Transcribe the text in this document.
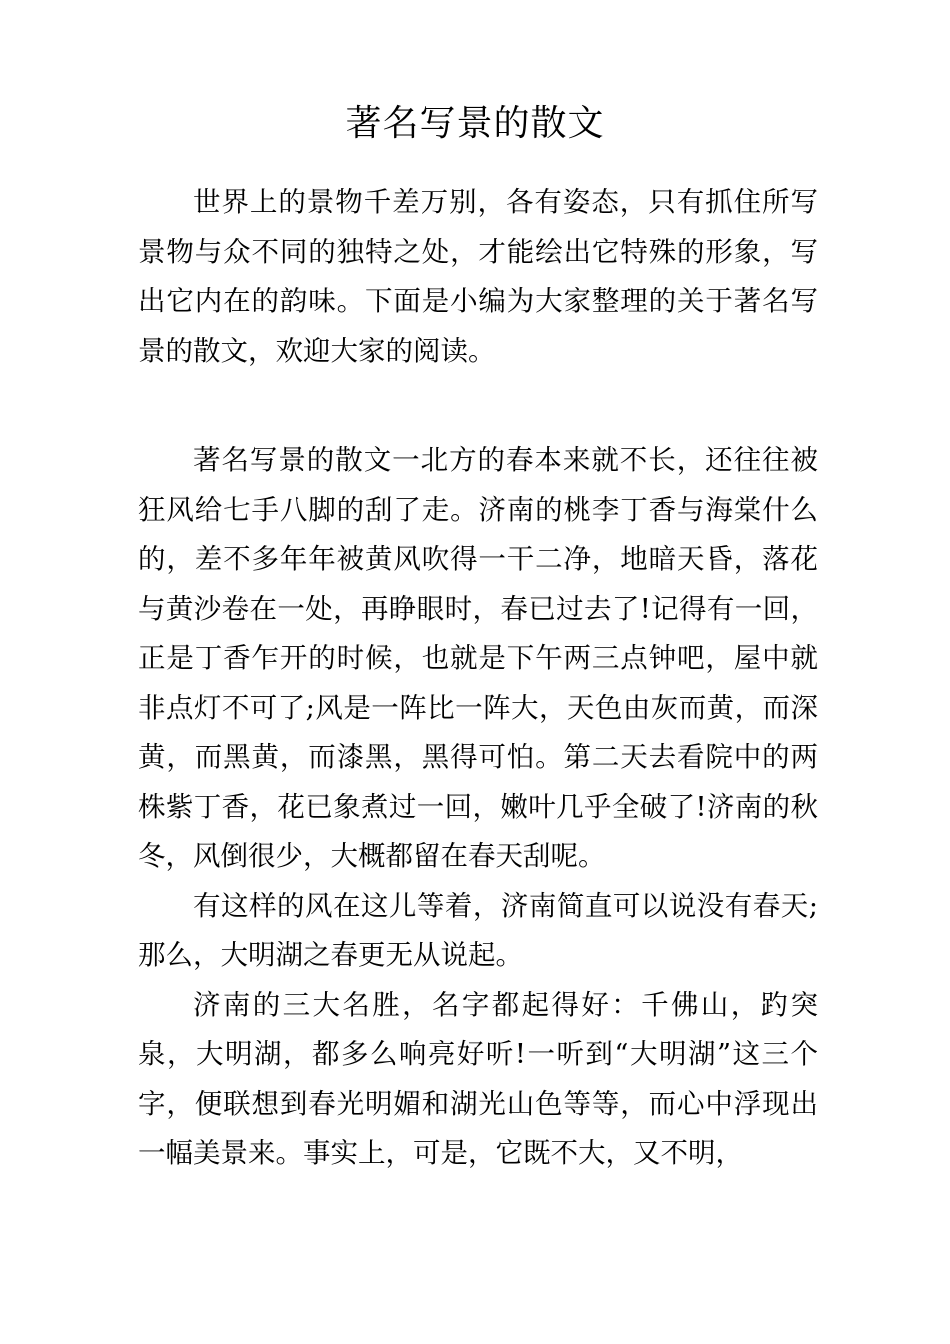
著名写景的散文

世界上的景物千差万别，各有姿态，只有抓住所写景物与众不同的独特之处，才能绘出它特殊的形象，写出它内在的韵味。下面是小编为大家整理的关于著名写景的散文，欢迎大家的阅读。

著名写景的散文一北方的春本来就不长，还往往被狂风给七手八脚的刮了走。济南的桃李丁香与海棠什么的，差不多年年被黄风吹得一干二净，地暗天昏，落花与黄沙卷在一处，再睁眼时，春已过去了!记得有一回，正是丁香乍开的时候，也就是下午两三点钟吧，屋中就非点灯不可了;风是一阵比一阵大，天色由灰而黄，而深黄，而黑黄，而漆黑，黑得可怕。第二天去看院中的两株紫丁香，花已象煮过一回，嫩叶几乎全破了!济南的秋冬，风倒很少，大概都留在春天刮呢。

有这样的风在这儿等着，济南简直可以说没有春天;那么，大明湖之春更无从说起。

济南的三大名胜，名字都起得好：千佛山，趵突泉，大明湖，都多么响亮好听!一听到“大明湖”这三个字，便联想到春光明媚和湖光山色等等，而心中浮现出一幅美景来。事实上，可是，它既不大，又不明，
